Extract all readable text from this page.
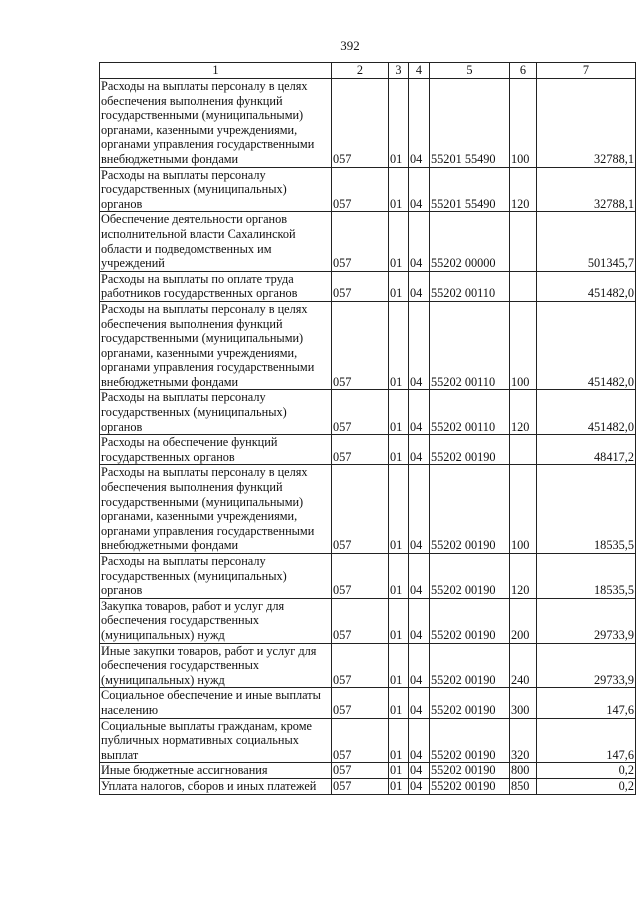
392
1	2	3	4	5	6	7
Расходы на выплаты персоналу в целях обеспечения выполнения функций государственными (муниципальными) органами, казенными учреждениями, органами управления государственными внебюджетными фондами	057	01	04	55201 55490	100	32788,1
Расходы на выплаты персоналу государственных (муниципальных) органов	057	01	04	55201 55490	120	32788,1
Обеспечение деятельности органов исполнительной власти Сахалинской области и подведомственных им учреждений	057	01	04	55202 00000		501345,7
Расходы на выплаты по оплате труда работников государственных органов	057	01	04	55202 00110		451482,0
Расходы на выплаты персоналу в целях обеспечения выполнения функций государственными (муниципальными) органами, казенными учреждениями, органами управления государственными внебюджетными фондами	057	01	04	55202 00110	100	451482,0
Расходы на выплаты персоналу государственных (муниципальных) органов	057	01	04	55202 00110	120	451482,0
Расходы на обеспечение функций государственных органов	057	01	04	55202 00190		48417,2
Расходы на выплаты персоналу в целях обеспечения выполнения функций государственными (муниципальными) органами, казенными учреждениями, органами управления государственными внебюджетными фондами	057	01	04	55202 00190	100	18535,5
Расходы на выплаты персоналу государственных (муниципальных) органов	057	01	04	55202 00190	120	18535,5
Закупка товаров, работ и услуг для обеспечения государственных (муниципальных) нужд	057	01	04	55202 00190	200	29733,9
Иные закупки товаров, работ и услуг для обеспечения государственных (муниципальных) нужд	057	01	04	55202 00190	240	29733,9
Социальное обеспечение и иные выплаты населению	057	01	04	55202 00190	300	147,6
Социальные выплаты гражданам, кроме публичных нормативных социальных выплат	057	01	04	55202 00190	320	147,6
Иные бюджетные ассигнования	057	01	04	55202 00190	800	0,2
Уплата налогов, сборов и иных платежей	057	01	04	55202 00190	850	0,2
